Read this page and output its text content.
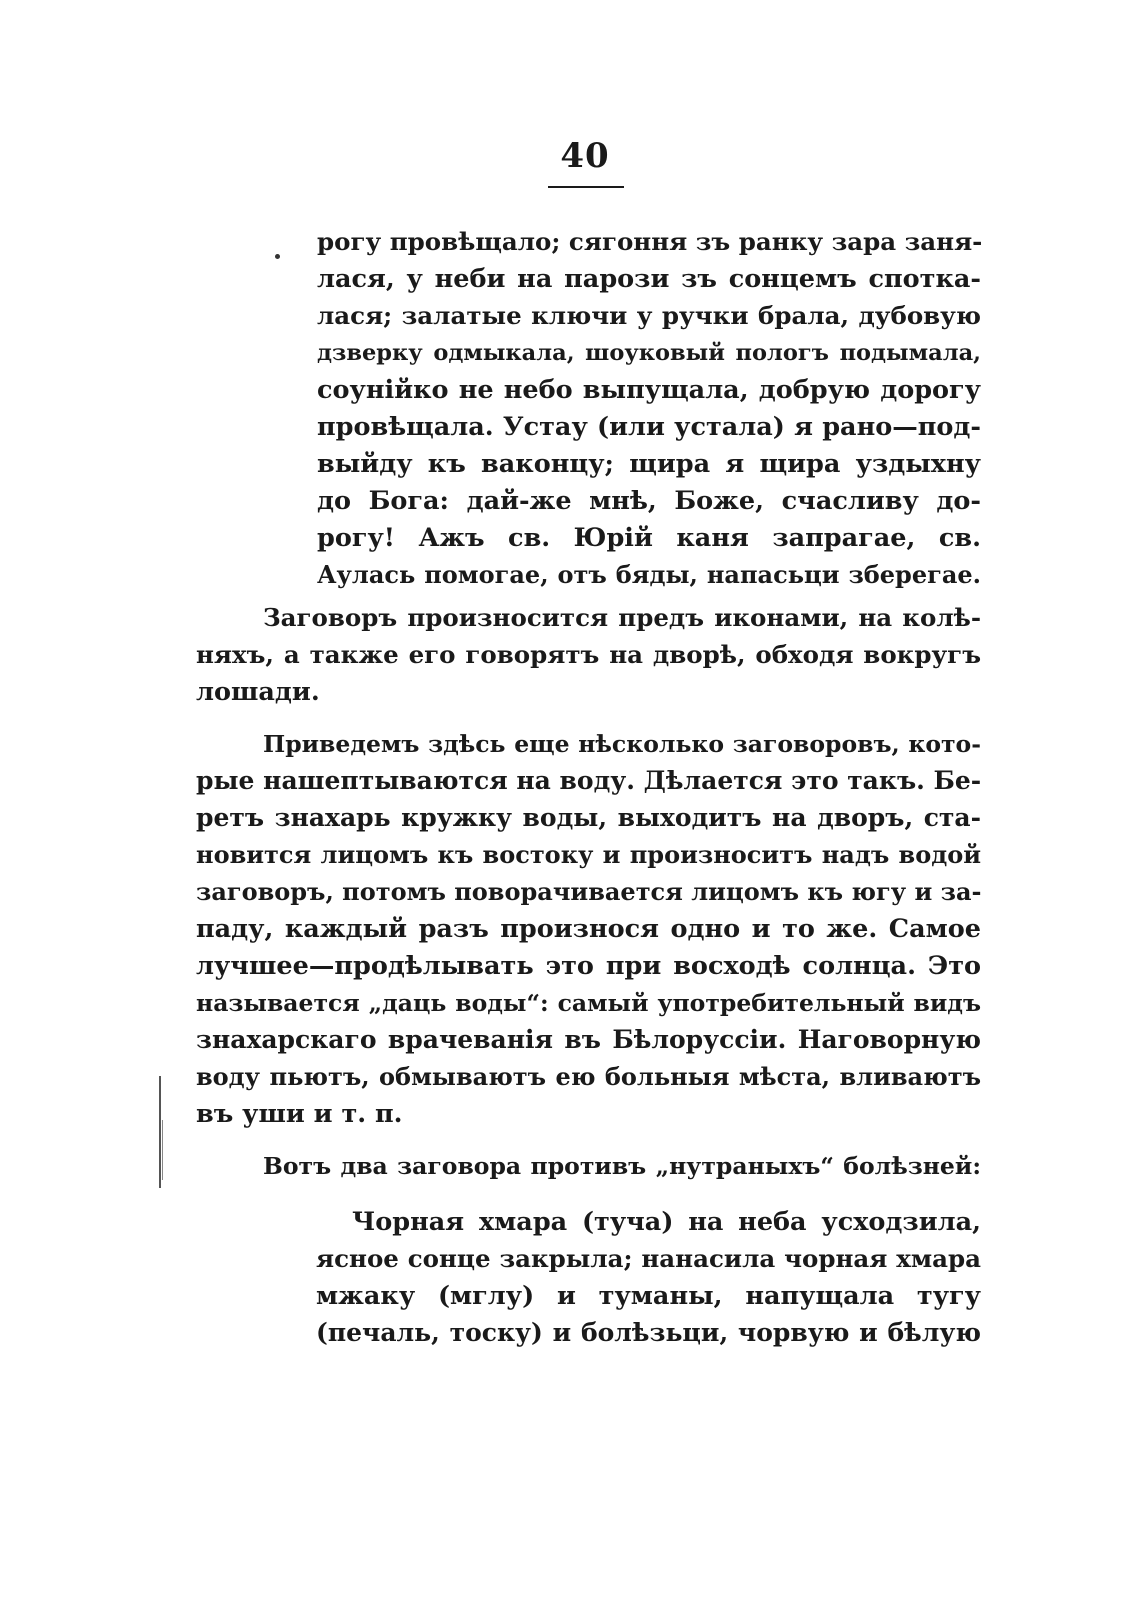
40
рогу провѣщало; сягоння зъ ранку зара заня-
лася, у неби на парози зъ сонцемъ спотка-
лася; залатые ключи у ручки брала, дубовую
дзверку одмыкала, шоуковый пологъ подымала,
соунійко не небо выпущала, добрую дорогу
провѣщала. Устау (или устала) я рано—под-
выйду къ ваконцу; щира я щира уздыхну
до Бога: дай-же мнѣ, Боже, счасливу до-
рогу! Ажъ св. Юрій каня запрагае, св.
Аулась помогае, отъ бяды, напасьци зберегае.
Заговоръ произносится предъ иконами, на колѣ-
няхъ, а также его говорятъ на дворѣ, обходя вокругъ
лошади.
Приведемъ здѣсь еще нѣсколько заговоровъ, кото-
рые нашептываются на воду. Дѣлается это такъ. Бе-
ретъ знахарь кружку воды, выходитъ на дворъ, ста-
новится лицомъ къ востоку и произноситъ надъ водой
заговоръ, потомъ поворачивается лицомъ къ югу и за-
паду, каждый разъ произнося одно и то же. Самое
лучшее—продѣлывать это при восходѣ солнца. Это
называется „даць воды“: самый употребительный видъ
знахарскаго врачеванія въ Бѣлоруссіи. Наговорную
воду пьютъ, обмываютъ ею больныя мѣста, вливаютъ
въ уши и т. п.
Вотъ два заговора противъ „нутраныхъ“ болѣзней:
Чорная хмара (туча) на неба усходзила,
ясное сонце закрыла; нанасила чорная хмара
мжаку (мглу) и туманы, напущала тугу
(печаль, тоску) и болѣзьци, чорвую и бѣлую
